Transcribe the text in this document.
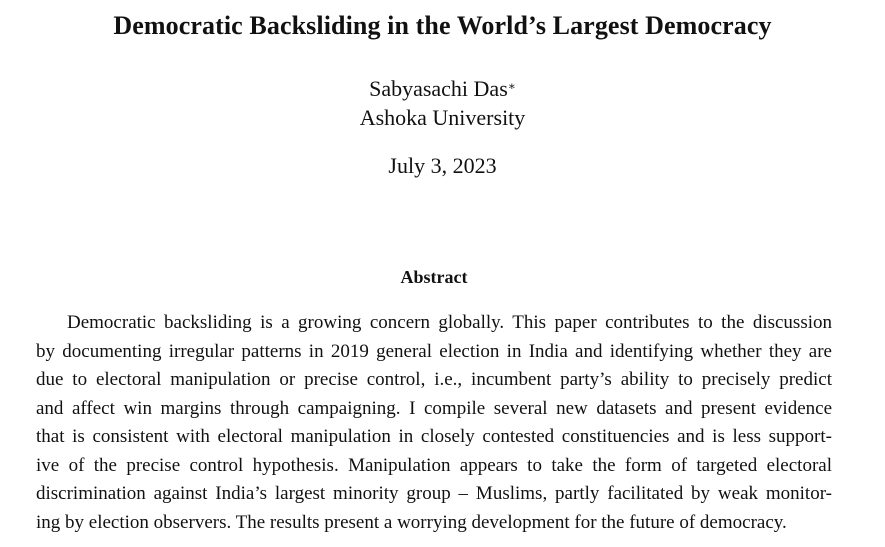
Democratic Backsliding in the World’s Largest Democracy
Sabyasachi Das∗
Ashoka University
July 3, 2023
Abstract
Democratic backsliding is a growing concern globally. This paper contributes to the discussion
by documenting irregular patterns in 2019 general election in India and identifying whether they are
due to electoral manipulation or precise control, i.e., incumbent party’s ability to precisely predict
and affect win margins through campaigning. I compile several new datasets and present evidence
that is consistent with electoral manipulation in closely contested constituencies and is less support-
ive of the precise control hypothesis. Manipulation appears to take the form of targeted electoral
discrimination against India’s largest minority group – Muslims, partly facilitated by weak monitor-
ing by election observers. The results present a worrying development for the future of democracy.
